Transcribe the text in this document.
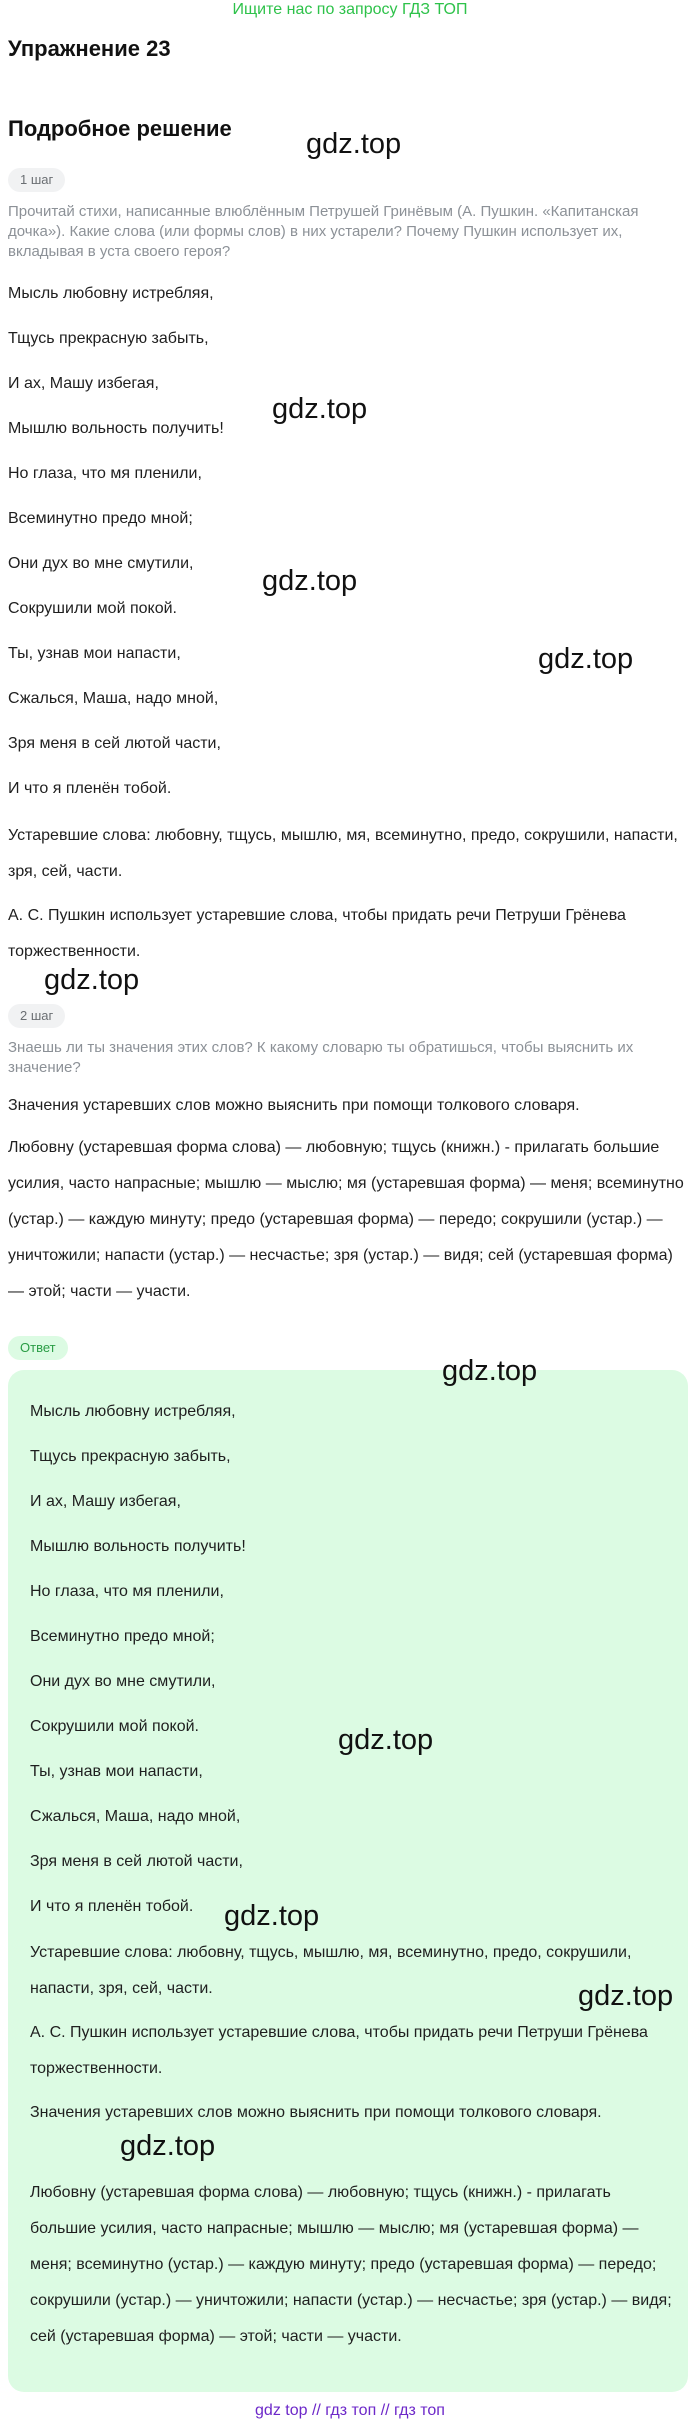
Ищите нас по запросу ГДЗ ТОП
Упражнение 23
Подробное решение
1 шаг
Прочитай стихи, написанные влюблённым Петрушей Гринёвым (А. Пушкин. «Капитанская дочка»). Какие слова (или формы слов) в них устарели? Почему Пушкин использует их, вкладывая в уста своего героя?
Мысль любовну истребляя,
Тщусь прекрасную забыть,
И ах, Машу избегая,
Мышлю вольность получить!
Но глаза, что мя пленили,
Всеминутно предо мной;
Они дух во мне смутили,
Сокрушили мой покой.
Ты, узнав мои напасти,
Сжалься, Маша, надо мной,
Зря меня в сей лютой части,
И что я пленён тобой.
Устаревшие слова: любовну, тщусь, мышлю, мя, всеминутно, предо, сокрушили, напасти, зря, сей, части.
А. С. Пушкин использует устаревшие слова, чтобы придать речи Петруши Грёнева торжественности.
2 шаг
Знаешь ли ты значения этих слов? К какому словарю ты обратишься, чтобы выяснить их значение?
Значения устаревших слов можно выяснить при помощи толкового словаря.
Любовну (устаревшая форма слова) — любовную; тщусь (книжн.) - прилагать большие усилия, часто напрасные; мышлю — мыслю; мя (устаревшая форма) — меня; всеминутно (устар.) — каждую минуту; предо (устаревшая форма) — передо; сокрушили (устар.) — уничтожили; напасти (устар.) — несчастье; зря (устар.) — видя; сей (устаревшая форма) — этой; части — участи.
Ответ
Мысль любовну истребляя,
Тщусь прекрасную забыть,
И ах, Машу избегая,
Мышлю вольность получить!
Но глаза, что мя пленили,
Всеминутно предо мной;
Они дух во мне смутили,
Сокрушили мой покой.
Ты, узнав мои напасти,
Сжалься, Маша, надо мной,
Зря меня в сей лютой части,
И что я пленён тобой.
Устаревшие слова: любовну, тщусь, мышлю, мя, всеминутно, предо, сокрушили, напасти, зря, сей, части.
А. С. Пушкин использует устаревшие слова, чтобы придать речи Петруши Грёнева торжественности.
Значения устаревших слов можно выяснить при помощи толкового словаря.
Любовну (устаревшая форма слова) — любовную; тщусь (книжн.) - прилагать большие усилия, часто напрасные; мышлю — мыслю; мя (устаревшая форма) — меня; всеминутно (устар.) — каждую минуту; предо (устаревшая форма) — передо; сокрушили (устар.) — уничтожили; напасти (устар.) — несчастье; зря (устар.) — видя; сей (устаревшая форма) — этой; части — участи.
gdz.top
gdz.top
gdz.top
gdz.top
gdz.top
gdz.top
gdz.top
gdz.top
gdz.top
gdz.top
gdz top // гдз топ // гдз топ
